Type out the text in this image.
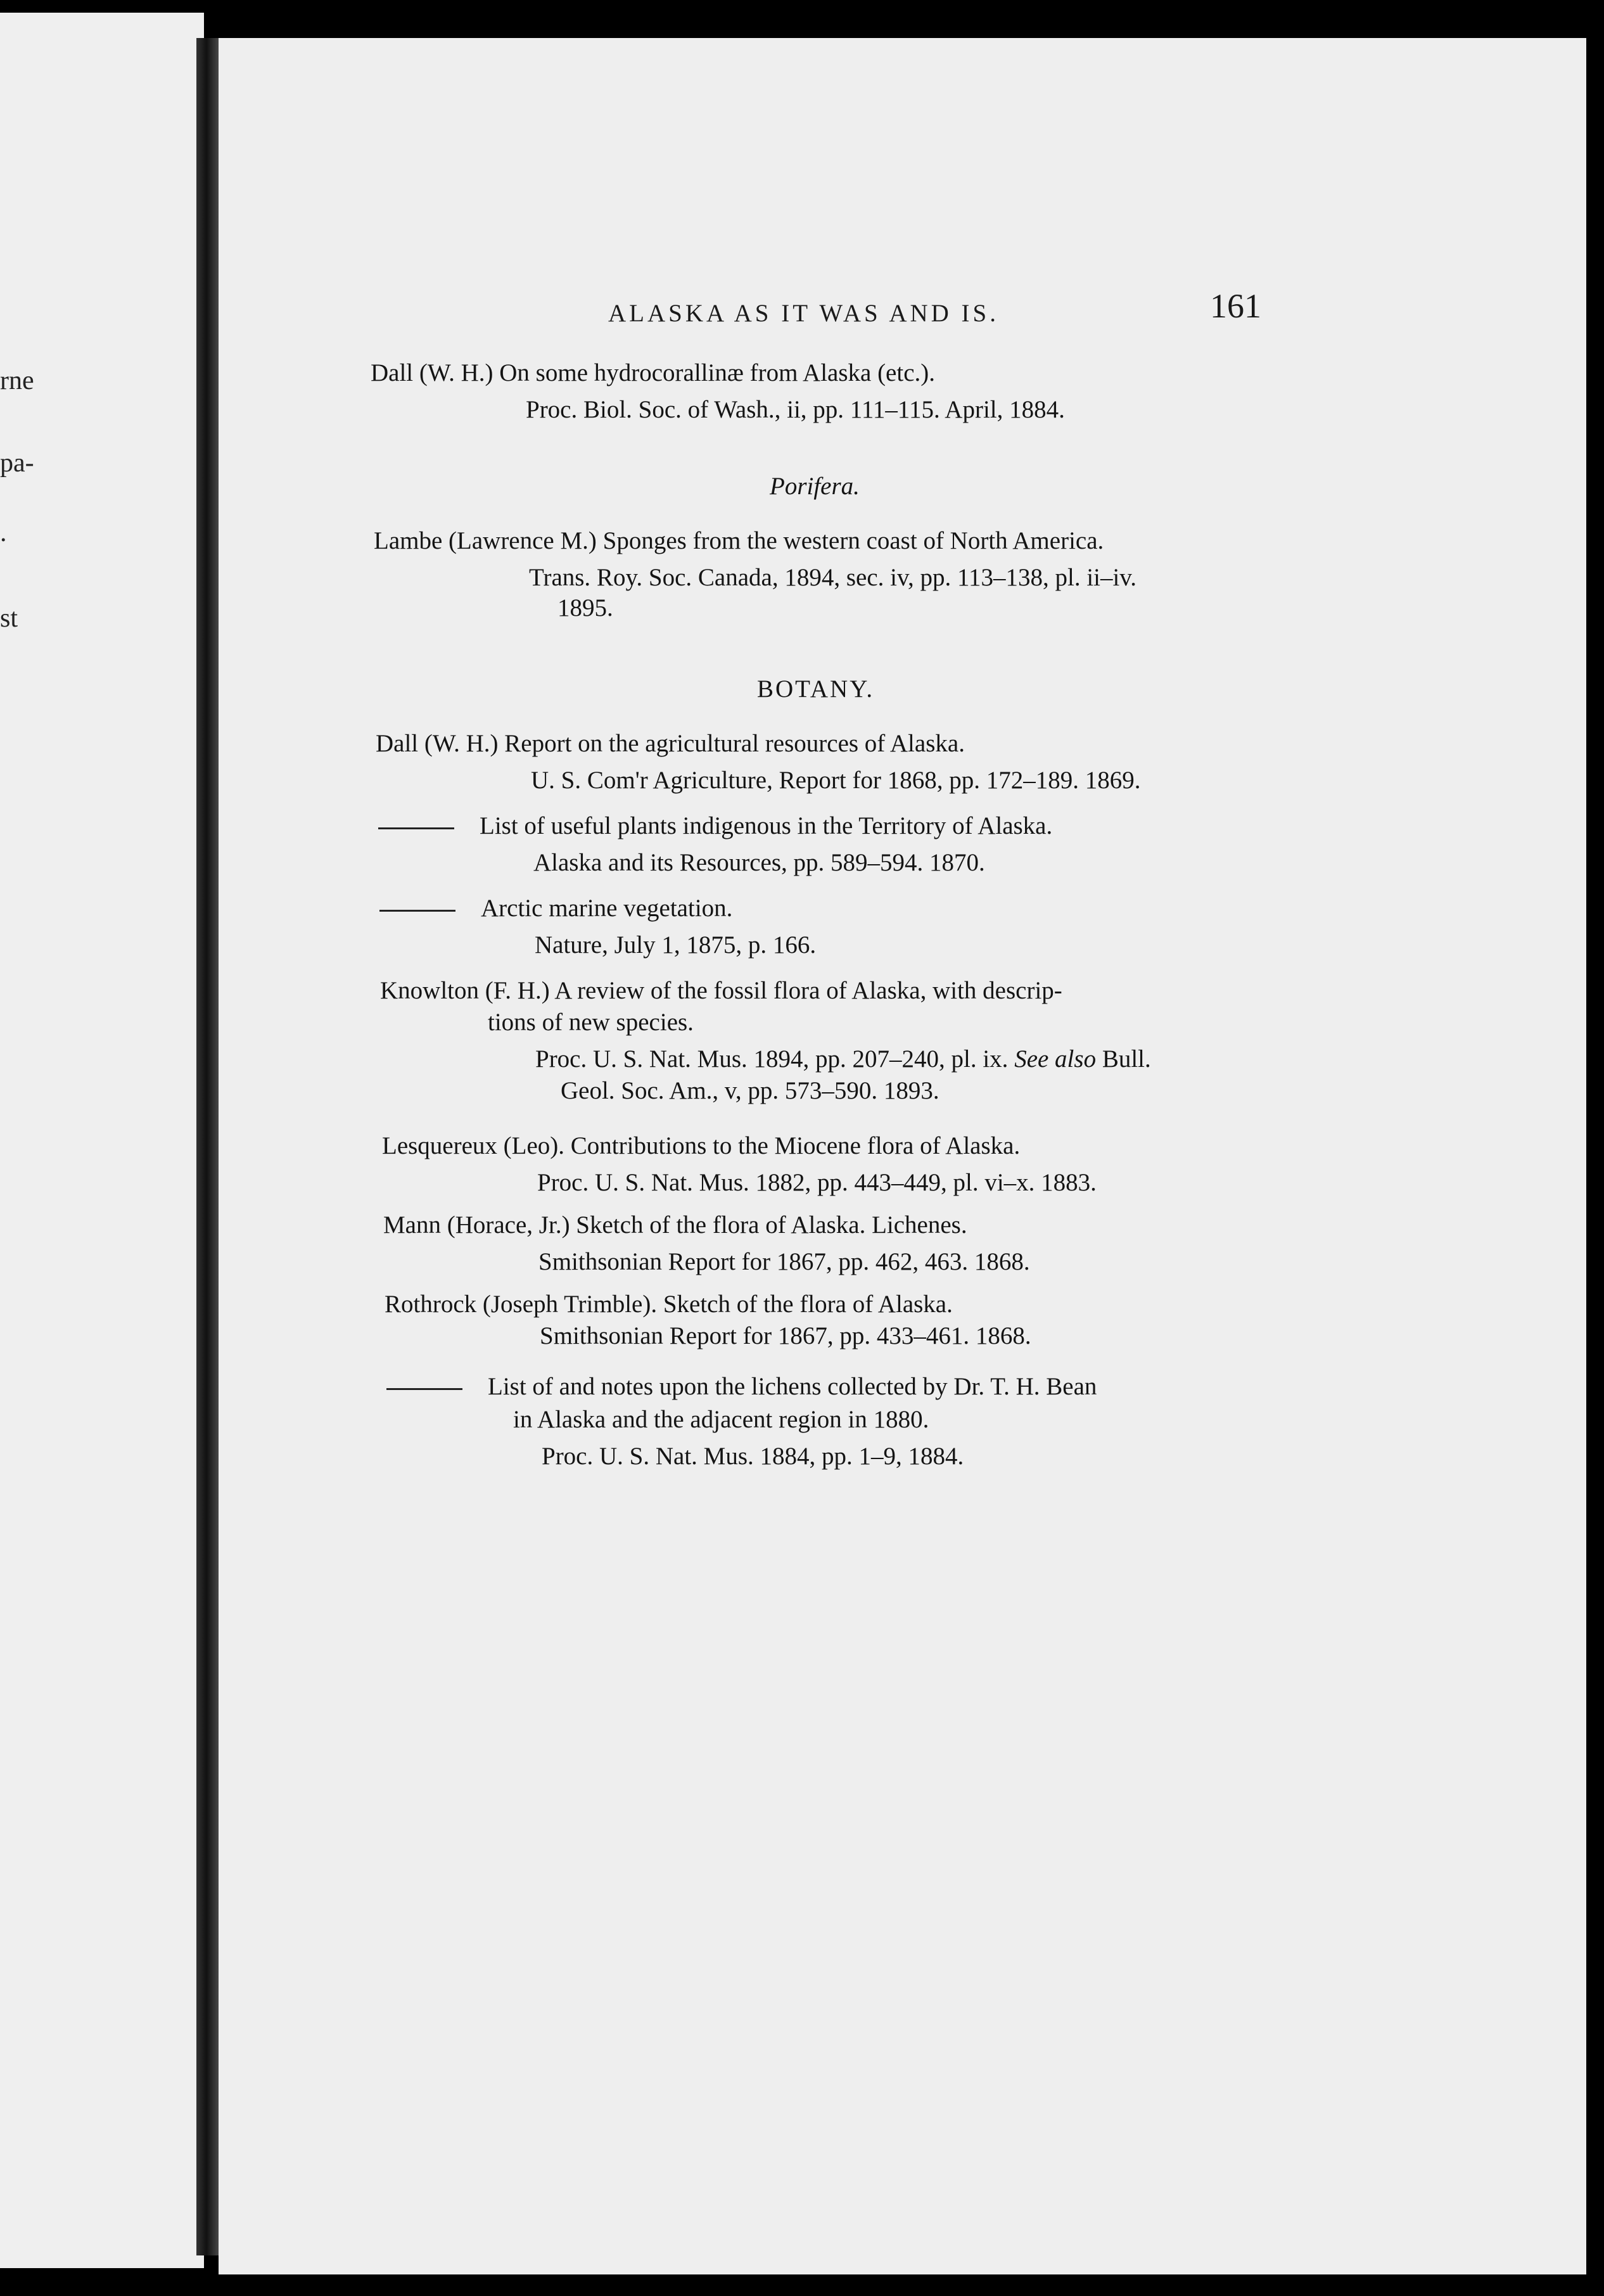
rne
pa-
.
st
ALASKA AS IT WAS AND IS.	161
Dall (W. H.) On some hydrocorallinæ from Alaska (etc.).
Proc. Biol. Soc. of Wash., ii, pp. 111–115. April, 1884.
Porifera.
Lambe (Lawrence M.) Sponges from the western coast of North America.
Trans. Roy. Soc. Canada, 1894, sec. iv, pp. 113–138, pl. ii–iv.
1895.
BOTANY.
Dall (W. H.) Report on the agricultural resources of Alaska.
U. S. Com'r Agriculture, Report for 1868, pp. 172–189. 1869.
List of useful plants indigenous in the Territory of Alaska.
Alaska and its Resources, pp. 589–594. 1870.
Arctic marine vegetation.
Nature, July 1, 1875, p. 166.
Knowlton (F. H.) A review of the fossil flora of Alaska, with descrip-
tions of new species.
Proc. U. S. Nat. Mus. 1894, pp. 207–240, pl. ix. See also Bull.
Geol. Soc. Am., v, pp. 573–590. 1893.
Lesquereux (Leo). Contributions to the Miocene flora of Alaska.
Proc. U. S. Nat. Mus. 1882, pp. 443–449, pl. vi–x. 1883.
Mann (Horace, Jr.) Sketch of the flora of Alaska. Lichenes.
Smithsonian Report for 1867, pp. 462, 463. 1868.
Rothrock (Joseph Trimble). Sketch of the flora of Alaska.
Smithsonian Report for 1867, pp. 433–461. 1868.
List of and notes upon the lichens collected by Dr. T. H. Bean
in Alaska and the adjacent region in 1880.
Proc. U. S. Nat. Mus. 1884, pp. 1–9, 1884.
